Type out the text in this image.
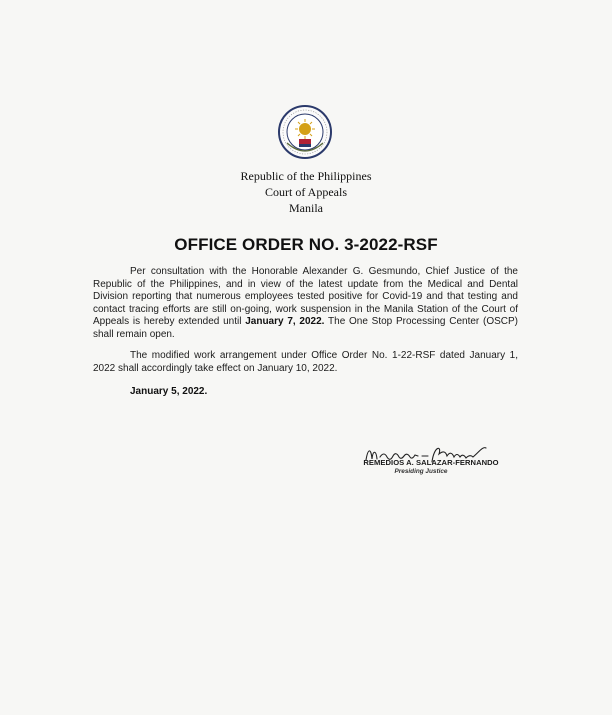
Republic of the Philippines
Court of Appeals
Manila
OFFICE ORDER NO. 3-2022-RSF
Per consultation with the Honorable Alexander G. Gesmundo, Chief Justice of the Republic of the Philippines, and in view of the latest update from the Medical and Dental Division reporting that numerous employees tested positive for Covid-19 and that testing and contact tracing efforts are still on-going, work suspension in the Manila Station of the Court of Appeals is hereby extended until January 7, 2022. The One Stop Processing Center (OSCP) shall remain open.
The modified work arrangement under Office Order No. 1-22-RSF dated January 1, 2022 shall accordingly take effect on January 10, 2022.
January 5, 2022.
REMEDIOS A. SALAZAR-FERNANDO
Presiding Justice
